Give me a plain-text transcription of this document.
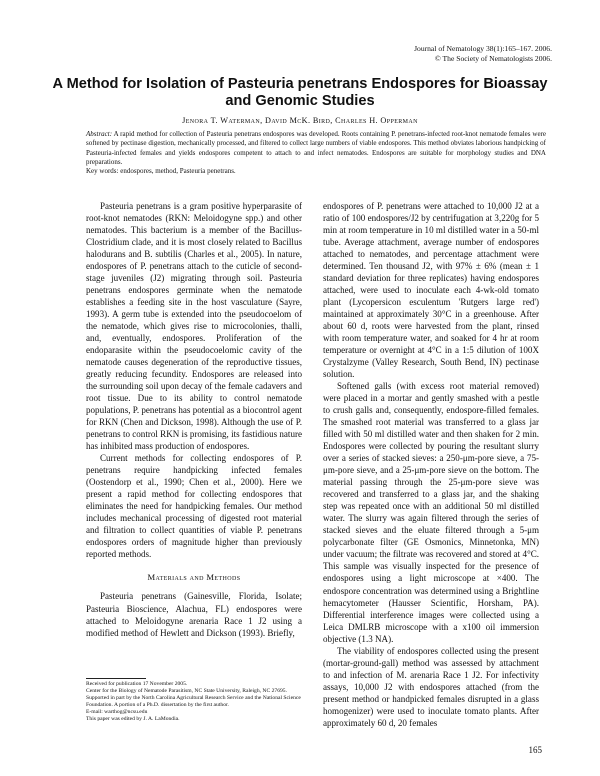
Journal of Nematology 38(1):165–167. 2006.
© The Society of Nematologists 2006.
A Method for Isolation of Pasteuria penetrans Endospores for Bioassay and Genomic Studies
Jenora T. Waterman, David McK. Bird, Charles H. Opperman
Abstract: A rapid method for collection of Pasteuria penetrans endospores was developed. Roots containing P. penetrans-infected root-knot nematode females were softened by pectinase digestion, mechanically processed, and filtered to collect large numbers of viable endospores. This method obviates laborious handpicking of Pasteuria-infected females and yields endospores competent to attach to and infect nematodes. Endospores are suitable for morphology studies and DNA preparations.

Key words: endospores, method, Pasteuria penetrans.

Pasteuria penetrans is a gram positive hyperparasite of root-knot nematodes (RKN: Meloidogyne spp.) and other nematodes. This bacterium is a member of the Bacillus-Clostridium clade, and it is most closely related to Bacillus halodurans and B. subtilis (Charles et al., 2005). In nature, endospores of P. penetrans attach to the cuticle of second-stage juveniles (J2) migrating through soil. Pasteuria penetrans endospores germinate when the nematode establishes a feeding site in the host vasculature (Sayre, 1993). A germ tube is extended into the pseudocoelom of the nematode, which gives rise to microcolonies, thalli, and, eventually, endospores. Proliferation of the endoparasite within the pseudocoelomic cavity of the nematode causes degeneration of the reproductive tissues, greatly reducing fecundity. Endospores are released into the surrounding soil upon decay of the female cadavers and root tissue. Due to its ability to control nematode populations, P. penetrans has potential as a biocontrol agent for RKN (Chen and Dickson, 1998). Although the use of P. penetrans to control RKN is promising, its fastidious nature has inhibited mass production of endospores.

Current methods for collecting endospores of P. penetrans require handpicking infected females (Oostendorp et al., 1990; Chen et al., 2000). Here we present a rapid method for collecting endospores that eliminates the need for handpicking females. Our method includes mechanical processing of digested root material and filtration to collect quantities of viable P. penetrans endospores orders of magnitude higher than previously reported methods.

Materials and Methods

Pasteuria penetrans (Gainesville, Florida, Isolate; Pasteuria Bioscience, Alachua, FL) endospores were attached to Meloidogyne arenaria Race 1 J2 using a modified method of Hewlett and Dickson (1993). Briefly,

endospores of P. penetrans were attached to 10,000 J2 at a ratio of 100 endospores/J2 by centrifugation at 3,220g for 5 min at room temperature in 10 ml distilled water in a 50-ml tube. Average attachment, average number of endospores attached to nematodes, and percentage attachment were determined. Ten thousand J2, with 97% ± 6% (mean ± 1 standard deviation for three replicates) having endospores attached, were used to inoculate each 4-wk-old tomato plant (Lycopersicon esculentum 'Rutgers large red') maintained at approximately 30°C in a greenhouse. After about 60 d, roots were harvested from the plant, rinsed with room temperature water, and soaked for 4 hr at room temperature or overnight at 4°C in a 1:5 dilution of 100X Crystalzyme (Valley Research, South Bend, IN) pectinase solution.

Softened galls (with excess root material removed) were placed in a mortar and gently smashed with a pestle to crush galls and, consequently, endospore-filled females. The smashed root material was transferred to a glass jar filled with 50 ml distilled water and then shaken for 2 min. Endospores were collected by pouring the resultant slurry over a series of stacked sieves: a 250-μm-pore sieve, a 75-μm-pore sieve, and a 25-μm-pore sieve on the bottom. The material passing through the 25-μm-pore sieve was recovered and transferred to a glass jar, and the shaking step was repeated once with an additional 50 ml distilled water. The slurry was again filtered through the series of stacked sieves and the eluate filtered through a 5-μm polycarbonate filter (GE Osmonics, Minnetonka, MN) under vacuum; the filtrate was recovered and stored at 4°C. This sample was visually inspected for the presence of endospores using a light microscope at ×400. The endospore concentration was determined using a Brightline hemacytometer (Hausser Scientific, Horsham, PA). Differential interference images were collected using a Leica DMLRB microscope with a x100 oil immersion objective (1.3 NA).

The viability of endospores collected using the present (mortar-ground-gall) method was assessed by attachment to and infection of M. arenaria Race 1 J2. For infectivity assays, 10,000 J2 with endospores attached (from the present method or handpicked females disrupted in a glass homogenizer) were used to inoculate tomato plants. After approximately 60 d, 20 females

Received for publication 17 November 2005.
Center for the Biology of Nematode Parasitism, NC State University, Raleigh, NC 27695.
Supported in part by the North Carolina Agricultural Research Service and the National Science Foundation. A portion of a Ph.D. dissertation by the first author.
E-mail: warthog@ncsu.edu
This paper was edited by J. A. LaMondia.
165
